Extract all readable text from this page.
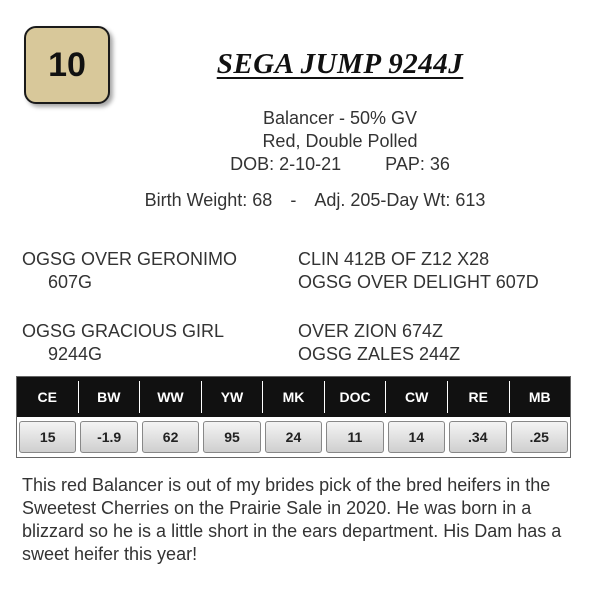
10	SEGA JUMP 9244J
Balancer - 50% GV
Red, Double Polled
DOB: 2-10-21 PAP: 36
Birth Weight: 68 - Adj. 205-Day Wt: 613
OGSG OVER GERONIMO
607G
CLIN 412B OF Z12 X28
OGSG OVER DELIGHT 607D
OGSG GRACIOUS GIRL
9244G
OVER ZION 674Z
OGSG ZALES 244Z
CE	BW	WW	YW	MK	DOC	CW	RE	MB
15	-1.9	62	95	24	11	14	.34	.25
This red Balancer is out of my brides pick of the bred heifers in the Sweetest Cherries on the Prairie Sale in 2020. He was born in a blizzard so he is a little short in the ears department. His Dam has a sweet heifer this year!
